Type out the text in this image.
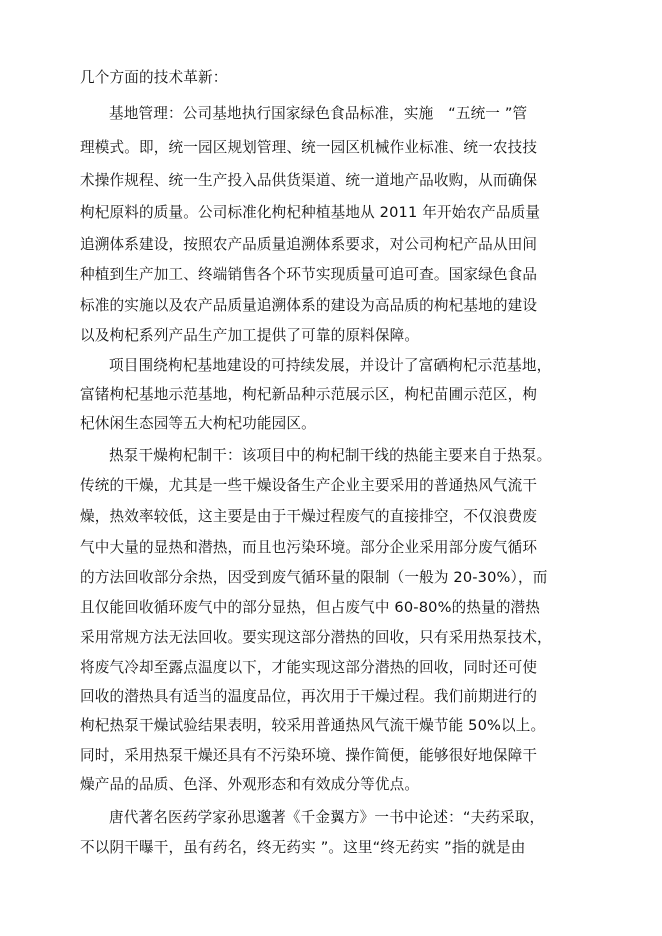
几个方面的技术革新：
基地管理：公司基地执行国家绿色食品标准，实施　“五统一 ”管
理模式。即，统一园区规划管理、统一园区机械作业标准、统一农技技
术操作规程、统一生产投入品供货渠道、统一道地产品收购，从而确保
枸杞原料的质量。公司标准化枸杞种植基地从 2011 年开始农产品质量
追溯体系建设，按照农产品质量追溯体系要求，对公司枸杞产品从田间
种植到生产加工、终端销售各个环节实现质量可追可查。国家绿色食品
标准的实施以及农产品质量追溯体系的建设为高品质的枸杞基地的建设
以及枸杞系列产品生产加工提供了可靠的原料保障。
项目围绕枸杞基地建设的可持续发展，并设计了富硒枸杞示范基地，
富锗枸杞基地示范基地，枸杞新品种示范展示区，枸杞苗圃示范区，枸
杞休闲生态园等五大枸杞功能园区。
热泵干燥枸杞制干：该项目中的枸杞制干线的热能主要来自于热泵。
传统的干燥，尤其是一些干燥设备生产企业主要采用的普通热风气流干
燥，热效率较低，这主要是由于干燥过程废气的直接排空，不仅浪费废
气中大量的显热和潜热，而且也污染环境。部分企业采用部分废气循环
的方法回收部分余热，因受到废气循环量的限制（一般为 20-30%），而
且仅能回收循环废气中的部分显热，但占废气中 60-80%的热量的潜热
采用常规方法无法回收。要实现这部分潜热的回收，只有采用热泵技术，
将废气冷却至露点温度以下，才能实现这部分潜热的回收，同时还可使
回收的潜热具有适当的温度品位，再次用于干燥过程。我们前期进行的
枸杞热泵干燥试验结果表明，较采用普通热风气流干燥节能 50%以上。
同时，采用热泵干燥还具有不污染环境、操作简便，能够很好地保障干
燥产品的品质、色泽、外观形态和有效成分等优点。
唐代著名医药学家孙思邈著《千金翼方》一书中论述：“夫药采取，
不以阴干曝干，虽有药名，终无药实 ”。这里“终无药实 ”指的就是由
